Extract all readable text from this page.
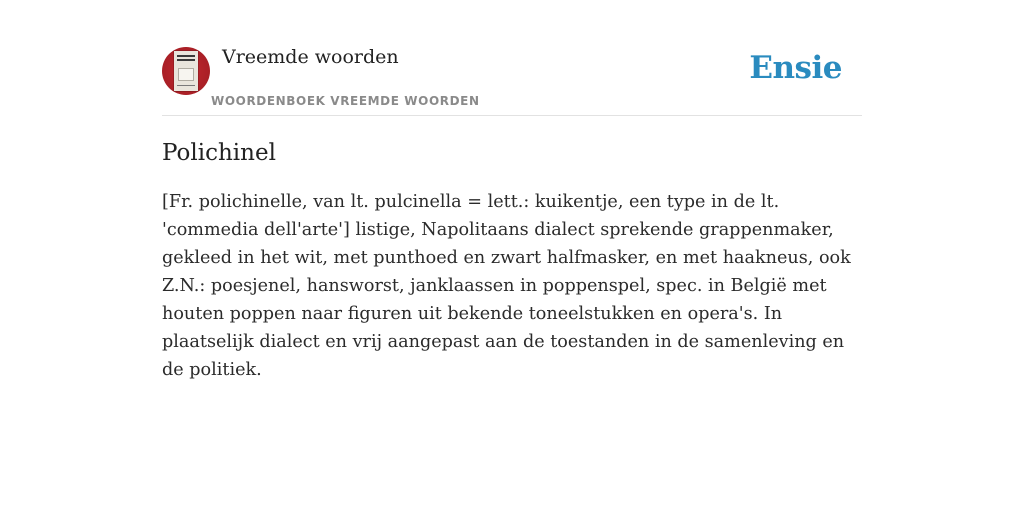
Vreemde woorden
WOORDENBOEK VREEMDE WOORDEN
Ensie
Polichinel

[Fr. polichinelle, van lt. pulcinella = lett.: kuikentje, een type in de lt. 'commedia dell'arte'] listige, Napolitaans dialect sprekende grappenmaker, gekleed in het wit, met punthoed en zwart halfmasker, en met haakneus, ook Z.N.: poesjenel, hansworst, janklaassen in poppenspel, spec. in België met houten poppen naar figuren uit bekende toneelstukken en opera's. In plaatselijk dialect en vrij aangepast aan de toestanden in de samenleving en de politiek.
